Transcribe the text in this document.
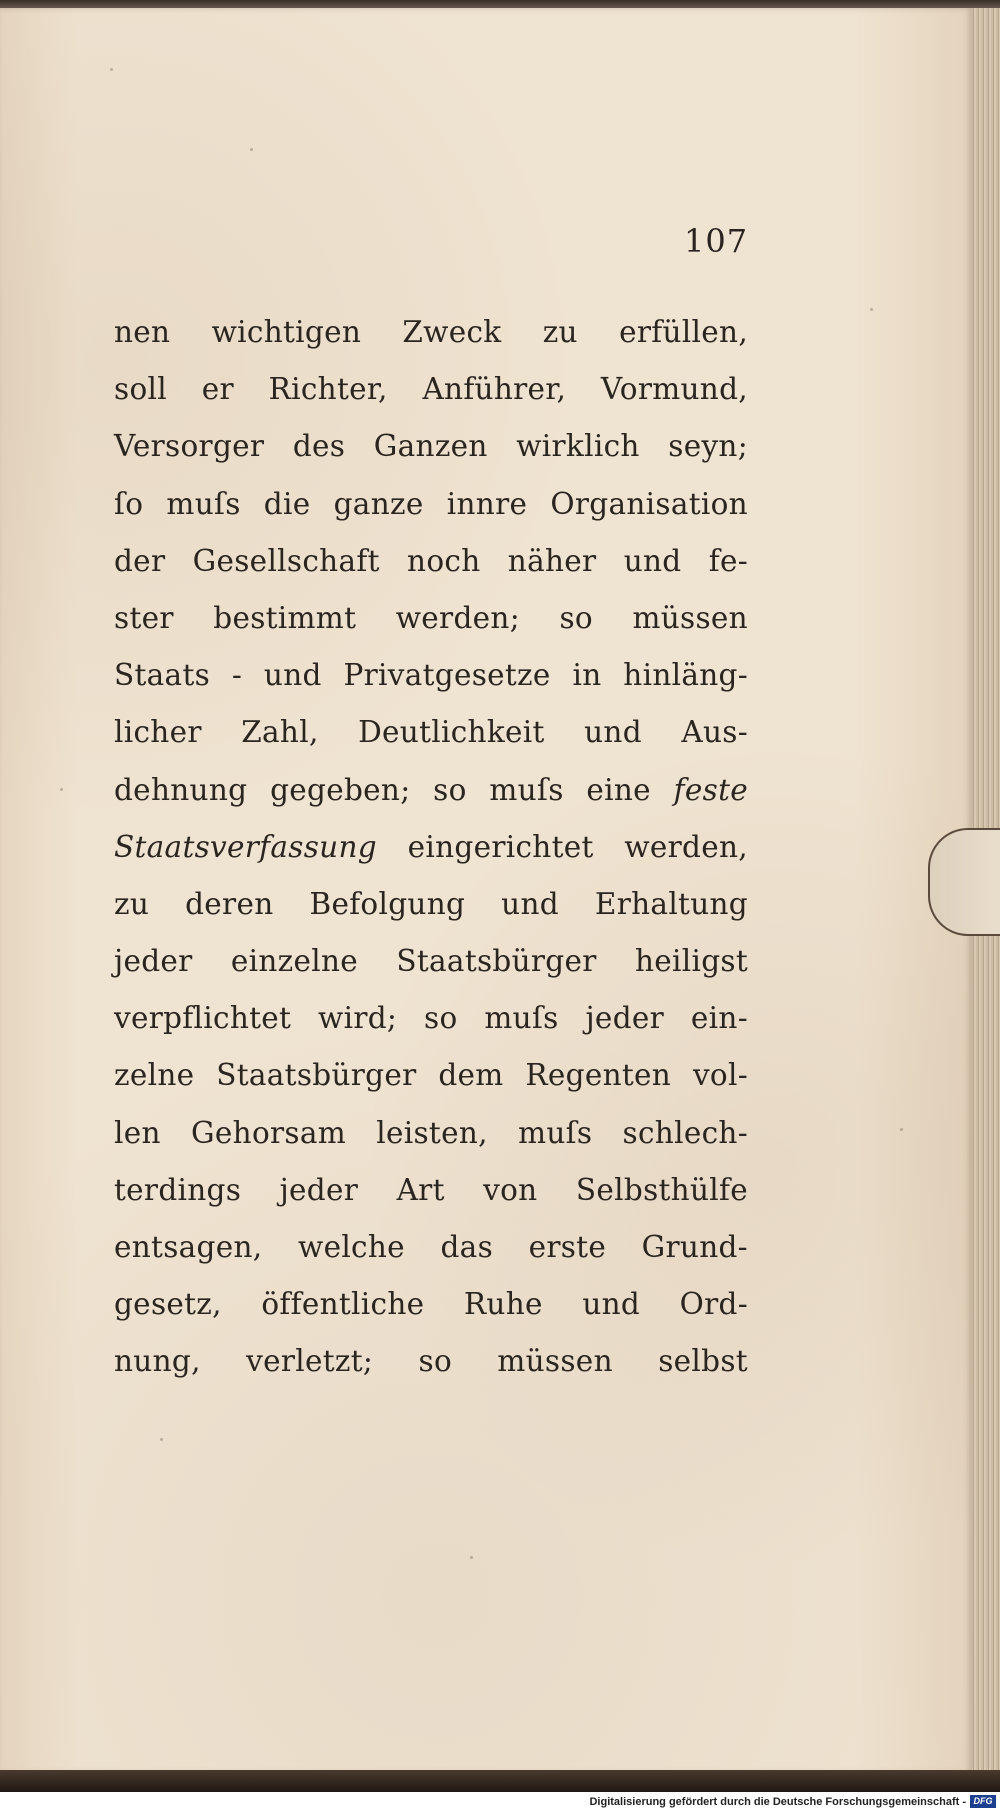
107
nen wichtigen Zweck zu erfüllen,
soll er Richter, Anführer, Vormund,
Versorger des Ganzen wirklich seyn;
ſo muſs die ganze innre Organisation
der Gesellschaft noch näher und fe-
ster bestimmt werden; so müssen
Staats - und Privatgesetze in hinläng-
licher Zahl, Deutlichkeit und Aus-
dehnung gegeben; so muſs eine feste
Staatsverfassung eingerichtet werden,
zu deren Befolgung und Erhaltung
jeder einzelne Staatsbürger heiligst
verpflichtet wird; so muſs jeder ein-
zelne Staatsbürger dem Regenten vol-
len Gehorsam leisten, muſs schlech-
terdings jeder Art von Selbsthülfe
entsagen, welche das erste Grund-
gesetz, öffentliche Ruhe und Ord-
nung, verletzt; so müssen selbst
Digitalisierung gefördert durch die Deutsche Forschungsgemeinschaft - DFG
